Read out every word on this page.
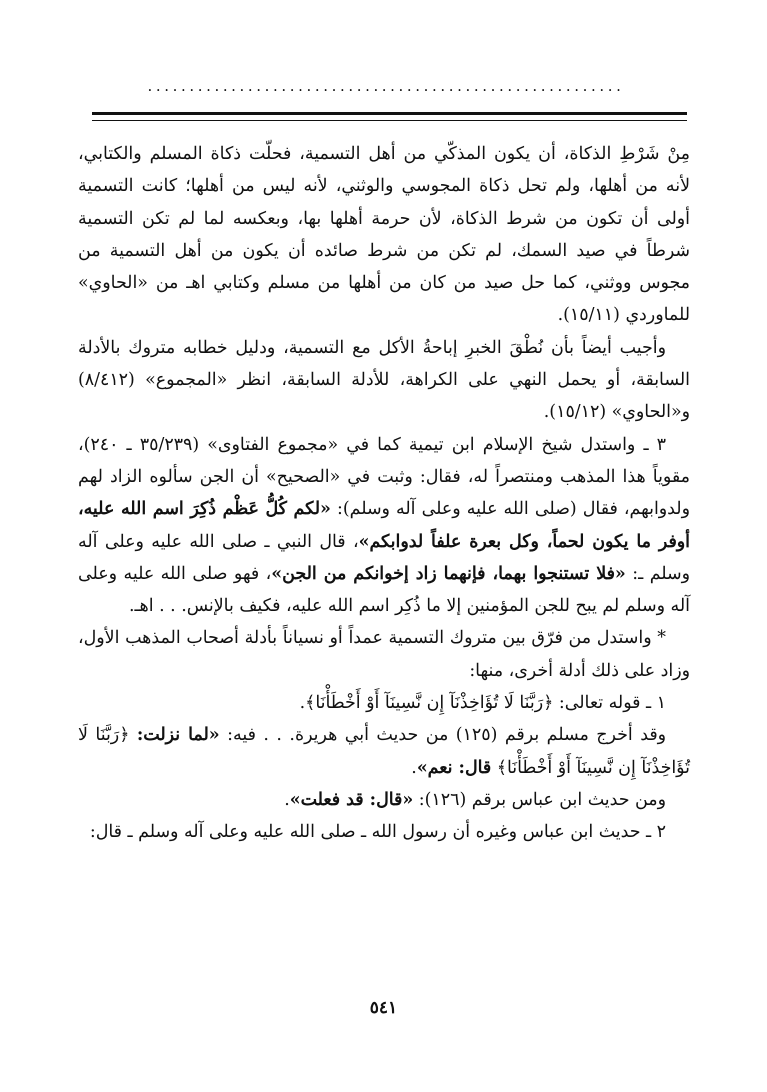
.........................................................

مِنْ شَرْطِ الذكاة، أن يكون المذكّي من أهل التسمية، فحلّت ذكاة المسلم والكتابي، لأنه من أهلها، ولم تحل ذكاة المجوسي والوثني، لأنه ليس من أهلها؛ كانت التسمية أولى أن تكون من شرط الذكاة، لأن حرمة أهلها بها، وبعكسه لما لم تكن التسمية شرطاً في صيد السمك، لم تكن من شرط صائده أن يكون من أهل التسمية من مجوس ووثني، كما حل صيد من كان من أهلها من مسلم وكتابي اهـ من «الحاوي» للماوردي (١٥/١١).

وأجيب أيضاً بأن نُطْقَ الخبرِ إباحةُ الأكل مع التسمية، ودليل خطابه متروك بالأدلة السابقة، أو يحمل النهي على الكراهة، للأدلة السابقة، انظر «المجموع» (٨/٤١٢) و«الحاوي» (١٥/١٢).

٣ ـ واستدل شيخ الإسلام ابن تيمية كما في «مجموع الفتاوى» (٣٥/٢٣٩ ـ ٢٤٠)، مقوياً هذا المذهب ومنتصراً له، فقال: وثبت في «الصحيح» أن الجن سألوه الزاد لهم ولدوابهم، فقال (صلى الله عليه وعلى آله وسلم): «لكم كُلُّ عَظْم ذُكِرَ اسم الله عليه، أوفر ما يكون لحماً، وكل بعرة علفاً لدوابكم»، قال النبي ـ صلى الله عليه وعلى آله وسلم ـ: «فلا تستنجوا بهما، فإنهما زاد إخوانكم من الجن»، فهو صلى الله عليه وعلى آله وسلم لم يبح للجن المؤمنين إلا ما ذُكِر اسم الله عليه، فكيف بالإنس. . . اهـ.

* واستدل من فرّق بين متروك التسمية عمداً أو نسياناً بأدلة أصحاب المذهب الأول، وزاد على ذلك أدلة أخرى، منها:

١ ـ قوله تعالى: ﴿رَبَّنَا لَا تُؤَاخِذْنَآ إِن نَّسِينَآ أَوْ أَخْطَأْنَا﴾.

وقد أخرج مسلم برقم (١٢٥) من حديث أبي هريرة. . . فيه: «لما نزلت: ﴿رَبَّنَا لَا تُؤَاخِذْنَآ إِن نَّسِينَآ أَوْ أَخْطَأْنَا﴾ قال: نعم».

ومن حديث ابن عباس برقم (١٢٦): «قال: قد فعلت».

٢ ـ حديث ابن عباس وغيره أن رسول الله ـ صلى الله عليه وعلى آله وسلم ـ قال:

٥٤١
